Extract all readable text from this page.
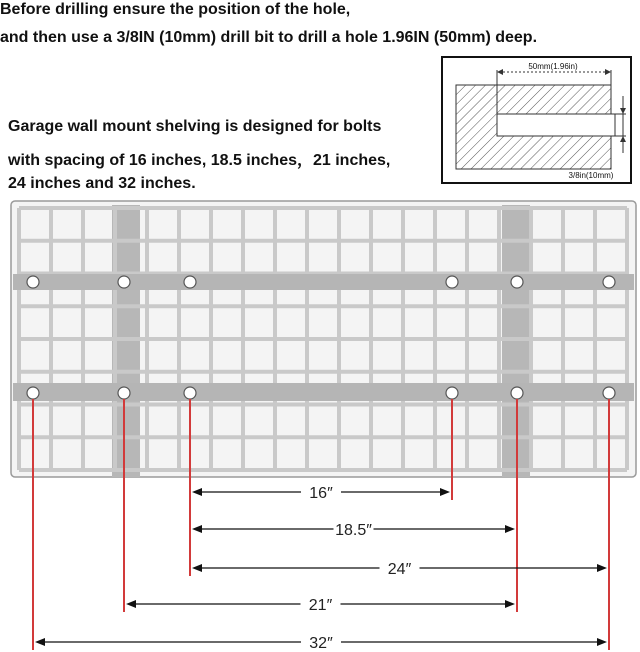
Before drilling ensure the position of the hole,

and then use a 3/8IN (10mm) drill bit to drill a hole 1.96IN (50mm) deep.

Garage wall mount shelving is designed for bolts

with spacing of 16 inches, 18.5 inches，21 inches,

24 inches and 32 inches.

50mm(1.96in)
3/8in(10mm)
16″
18.5″
24″
21″
32″
